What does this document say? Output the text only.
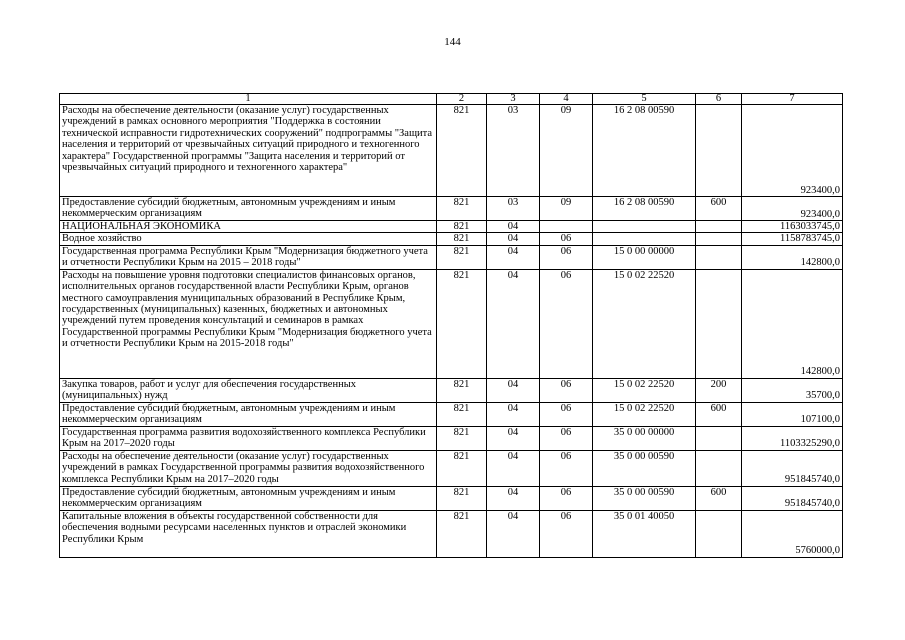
144
1	2	3	4	5	6	7
Расходы на обеспечение деятельности (оказание услуг) государственных учреждений в рамках основного мероприятия "Поддержка в состоянии технической исправности гидротехнических сооружений" подпрограммы "Защита населения и территорий от чрезвычайных ситуаций природного и техногенного характера" Государственной программы "Защита населения и территорий от чрезвычайных ситуаций природного и техногенного характера"	821	03	09	16 2 08 00590		923400,0
Предоставление субсидий бюджетным, автономным учреждениям и иным некоммерческим организациям	821	03	09	16 2 08 00590	600	923400,0
НАЦИОНАЛЬНАЯ ЭКОНОМИКА	821	04				1163033745,0
Водное хозяйство	821	04	06			1158783745,0
Государственная программа Республики Крым "Модернизация бюджетного учета и отчетности Республики Крым на 2015 – 2018 годы"	821	04	06	15 0 00 00000		142800,0
Расходы на повышение уровня подготовки специалистов финансовых органов, исполнительных органов государственной власти Республики Крым, органов местного самоуправления муниципальных образований в Республике Крым, государственных (муниципальных) казенных, бюджетных и автономных учреждений путем проведения консультаций и семинаров в рамках Государственной программы Республики Крым "Модернизация бюджетного учета и отчетности Республики Крым на 2015-2018 годы"	821	04	06	15 0 02 22520		142800,0
Закупка товаров, работ и услуг для обеспечения государственных (муниципальных) нужд	821	04	06	15 0 02 22520	200	35700,0
Предоставление субсидий бюджетным, автономным учреждениям и иным некоммерческим организациям	821	04	06	15 0 02 22520	600	107100,0
Государственная программа развития водохозяйственного комплекса Республики Крым на 2017–2020 годы	821	04	06	35 0 00 00000		1103325290,0
Расходы на обеспечение деятельности (оказание услуг) государственных учреждений в рамках Государственной программы развития водохозяйственного комплекса Республики Крым на 2017–2020 годы	821	04	06	35 0 00 00590		951845740,0
Предоставление субсидий бюджетным, автономным учреждениям и иным некоммерческим организациям	821	04	06	35 0 00 00590	600	951845740,0
Капитальные вложения в объекты государственной собственности для обеспечения водными ресурсами населенных пунктов и отраслей экономики Республики Крым	821	04	06	35 0 01 40050		5760000,0
